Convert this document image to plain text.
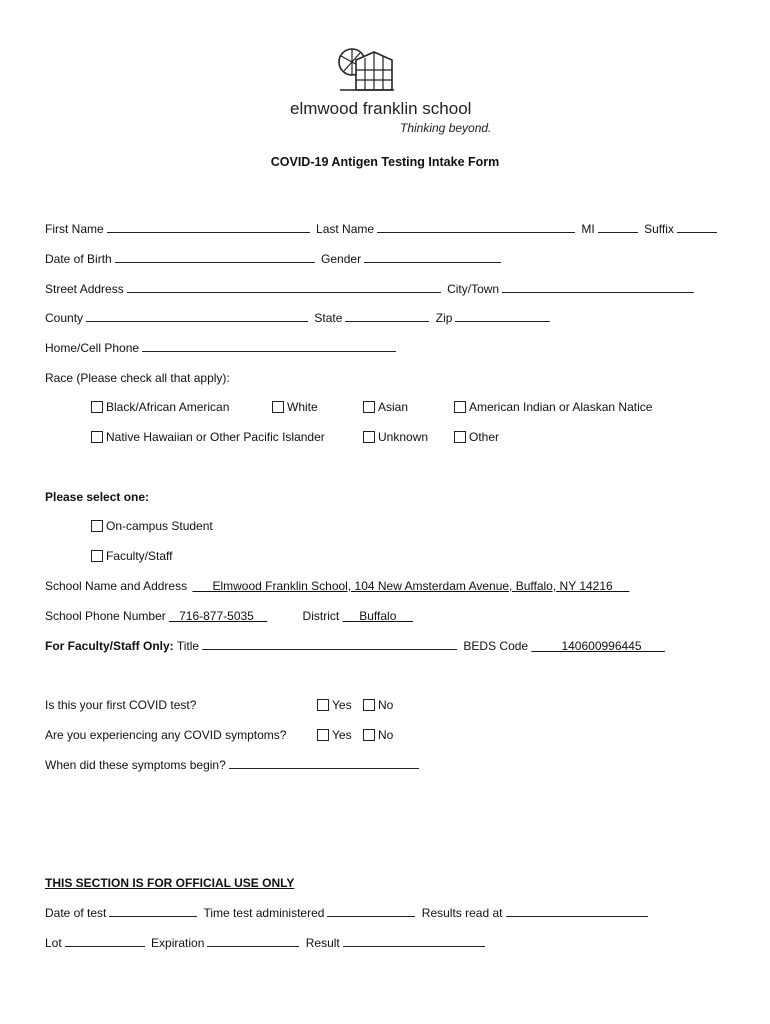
elmwood franklin school
Thinking beyond.
COVID-19 Antigen Testing Intake Form
First Name	Last Name	MI	Suffix
Date of Birth	Gender
Street Address	City/Town
County	State	Zip
Home/Cell Phone
Race (Please check all that apply):
Black/African American	White	Asian	American Indian or Alaskan Natice
Native Hawaiian or Other Pacific Islander	Unknown	Other
Please select one:
On-campus Student
Faculty/Staff
School Name and Address Elmwood Franklin School, 104 New Amsterdam Avenue, Buffalo, NY 14216
School Phone Number 716-877-5035	District Buffalo
For Faculty/Staff Only: Title	BEDS Code	140600996445
Is this your first COVID test?	Yes	No
Are you experiencing any COVID symptoms?	Yes	No
When did these symptoms begin?
THIS SECTION IS FOR OFFICIAL USE ONLY
Date of test	Time test administered	Results read at
Lot	Expiration	Result
